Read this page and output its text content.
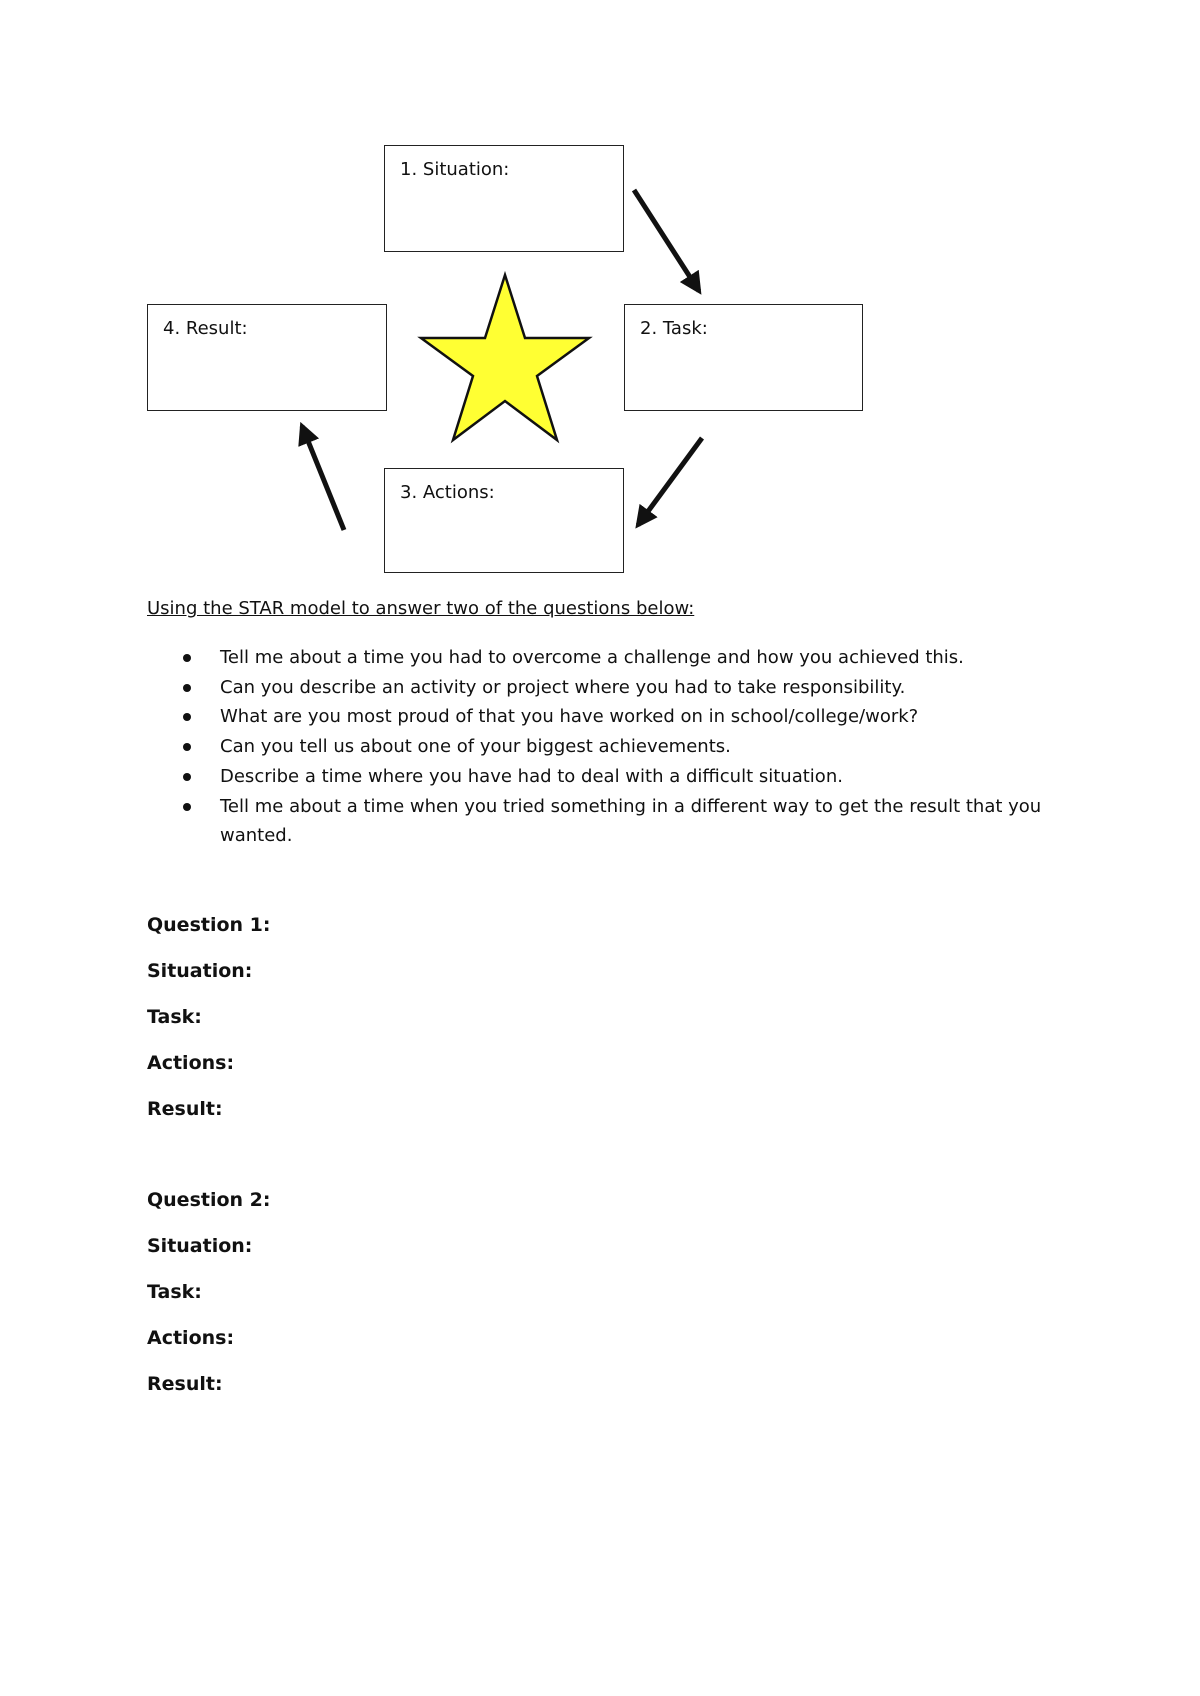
1. Situation:
2. Task:
3. Actions:
4. Result:

Using the STAR model to answer two of the questions below:

Tell me about a time you had to overcome a challenge and how you achieved this.
Can you describe an activity or project where you had to take responsibility.
What are you most proud of that you have worked on in school/college/work?
Can you tell us about one of your biggest achievements.
Describe a time where you have had to deal with a difficult situation.
Tell me about a time when you tried something in a different way to get the result that you wanted.
Question 1:
Situation:
Task:
Actions:
Result:
Question 2:
Situation:
Task:
Actions:
Result:
